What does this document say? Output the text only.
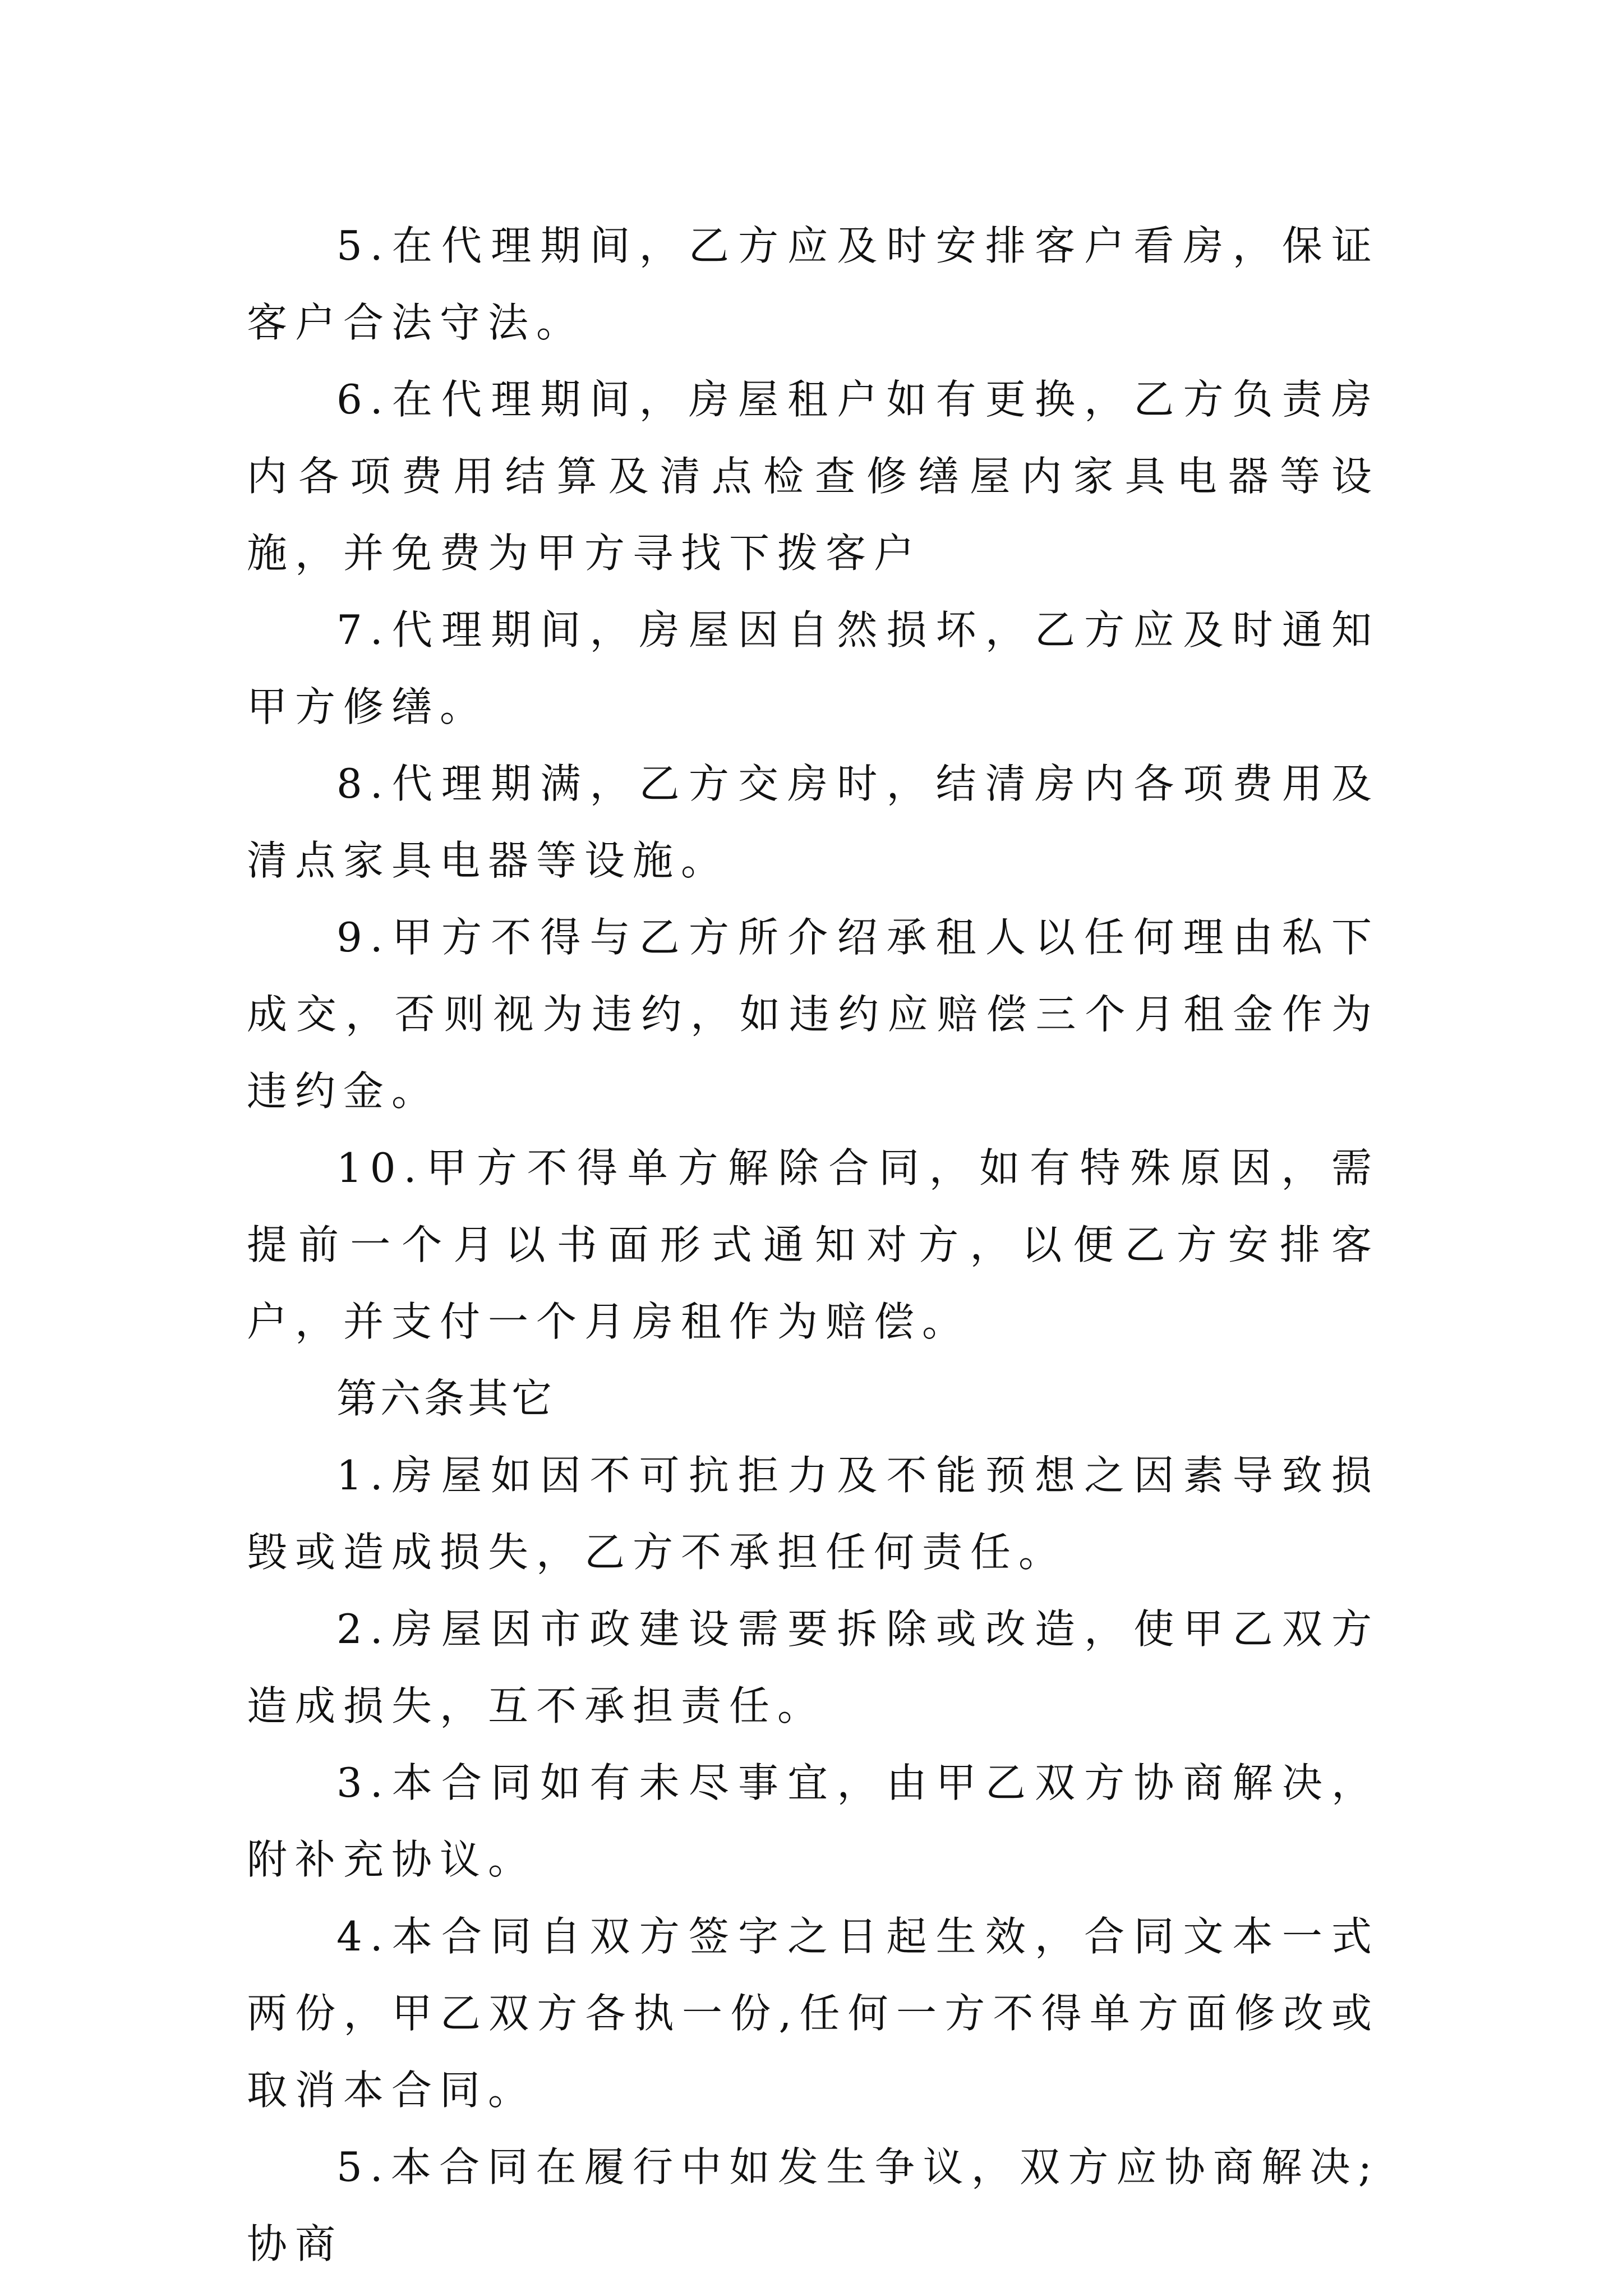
5.在代理期间，乙方应及时安排客户看房，保证客户合法守法。

6.在代理期间，房屋租户如有更换，乙方负责房内各项费用结算及清点检查修缮屋内家具电器等设施，并免费为甲方寻找下拨客户

7.代理期间，房屋因自然损坏，乙方应及时通知甲方修缮。

8.代理期满，乙方交房时，结清房内各项费用及清点家具电器等设施。

9.甲方不得与乙方所介绍承租人以任何理由私下成交，否则视为违约，如违约应赔偿三个月租金作为违约金。

10.甲方不得单方解除合同，如有特殊原因，需提前一个月以书面形式通知对方，以便乙方安排客户，并支付一个月房租作为赔偿。

第六条其它

1.房屋如因不可抗拒力及不能预想之因素导致损毁或造成损失，乙方不承担任何责任。

2.房屋因市政建设需要拆除或改造，使甲乙双方造成损失，互不承担责任。

3.本合同如有未尽事宜，由甲乙双方协商解决，附补充协议。

4.本合同自双方签字之日起生效，合同文本一式两份，甲乙双方各执一份,任何一方不得单方面修改或取消本合同。

5.本合同在履行中如发生争议，双方应协商解决;协商
